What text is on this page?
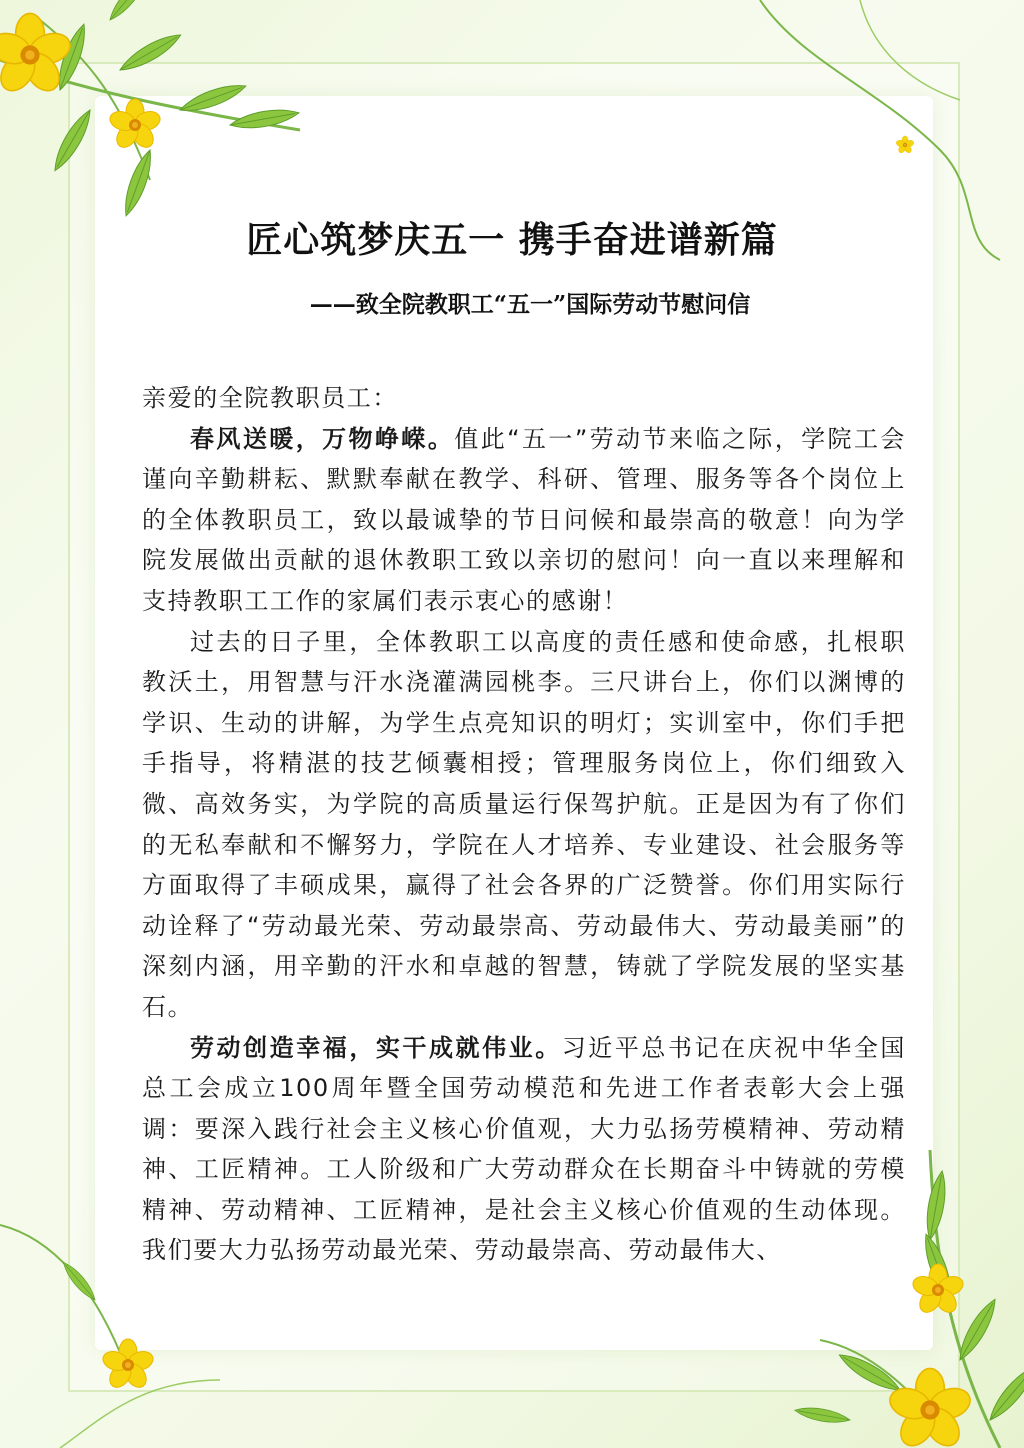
匠心筑梦庆五一 携手奋进谱新篇
——致全院教职工“五一”国际劳动节慰问信

亲爱的全院教职员工：

春风送暖，万物峥嵘。值此“五一”劳动节来临之际，学院工会谨向辛勤耕耘、默默奉献在教学、科研、管理、服务等各个岗位上的全体教职员工，致以最诚挚的节日问候和最崇高的敬意！向为学院发展做出贡献的退休教职工致以亲切的慰问！向一直以来理解和支持教职工工作的家属们表示衷心的感谢！

过去的日子里，全体教职工以高度的责任感和使命感，扎根职教沃土，用智慧与汗水浇灌满园桃李。三尺讲台上，你们以渊博的学识、生动的讲解，为学生点亮知识的明灯；实训室中，你们手把手指导，将精湛的技艺倾囊相授；管理服务岗位上，你们细致入微、高效务实，为学院的高质量运行保驾护航。正是因为有了你们的无私奉献和不懈努力，学院在人才培养、专业建设、社会服务等方面取得了丰硕成果，赢得了社会各界的广泛赞誉。你们用实际行动诠释了“劳动最光荣、劳动最崇高、劳动最伟大、劳动最美丽”的深刻内涵，用辛勤的汗水和卓越的智慧，铸就了学院发展的坚实基石。

劳动创造幸福，实干成就伟业。习近平总书记在庆祝中华全国总工会成立100周年暨全国劳动模范和先进工作者表彰大会上强调：要深入践行社会主义核心价值观，大力弘扬劳模精神、劳动精神、工匠精神。工人阶级和广大劳动群众在长期奋斗中铸就的劳模精神、劳动精神、工匠精神，是社会主义核心价值观的生动体现。我们要大力弘扬劳动最光荣、劳动最崇高、劳动最伟大、
